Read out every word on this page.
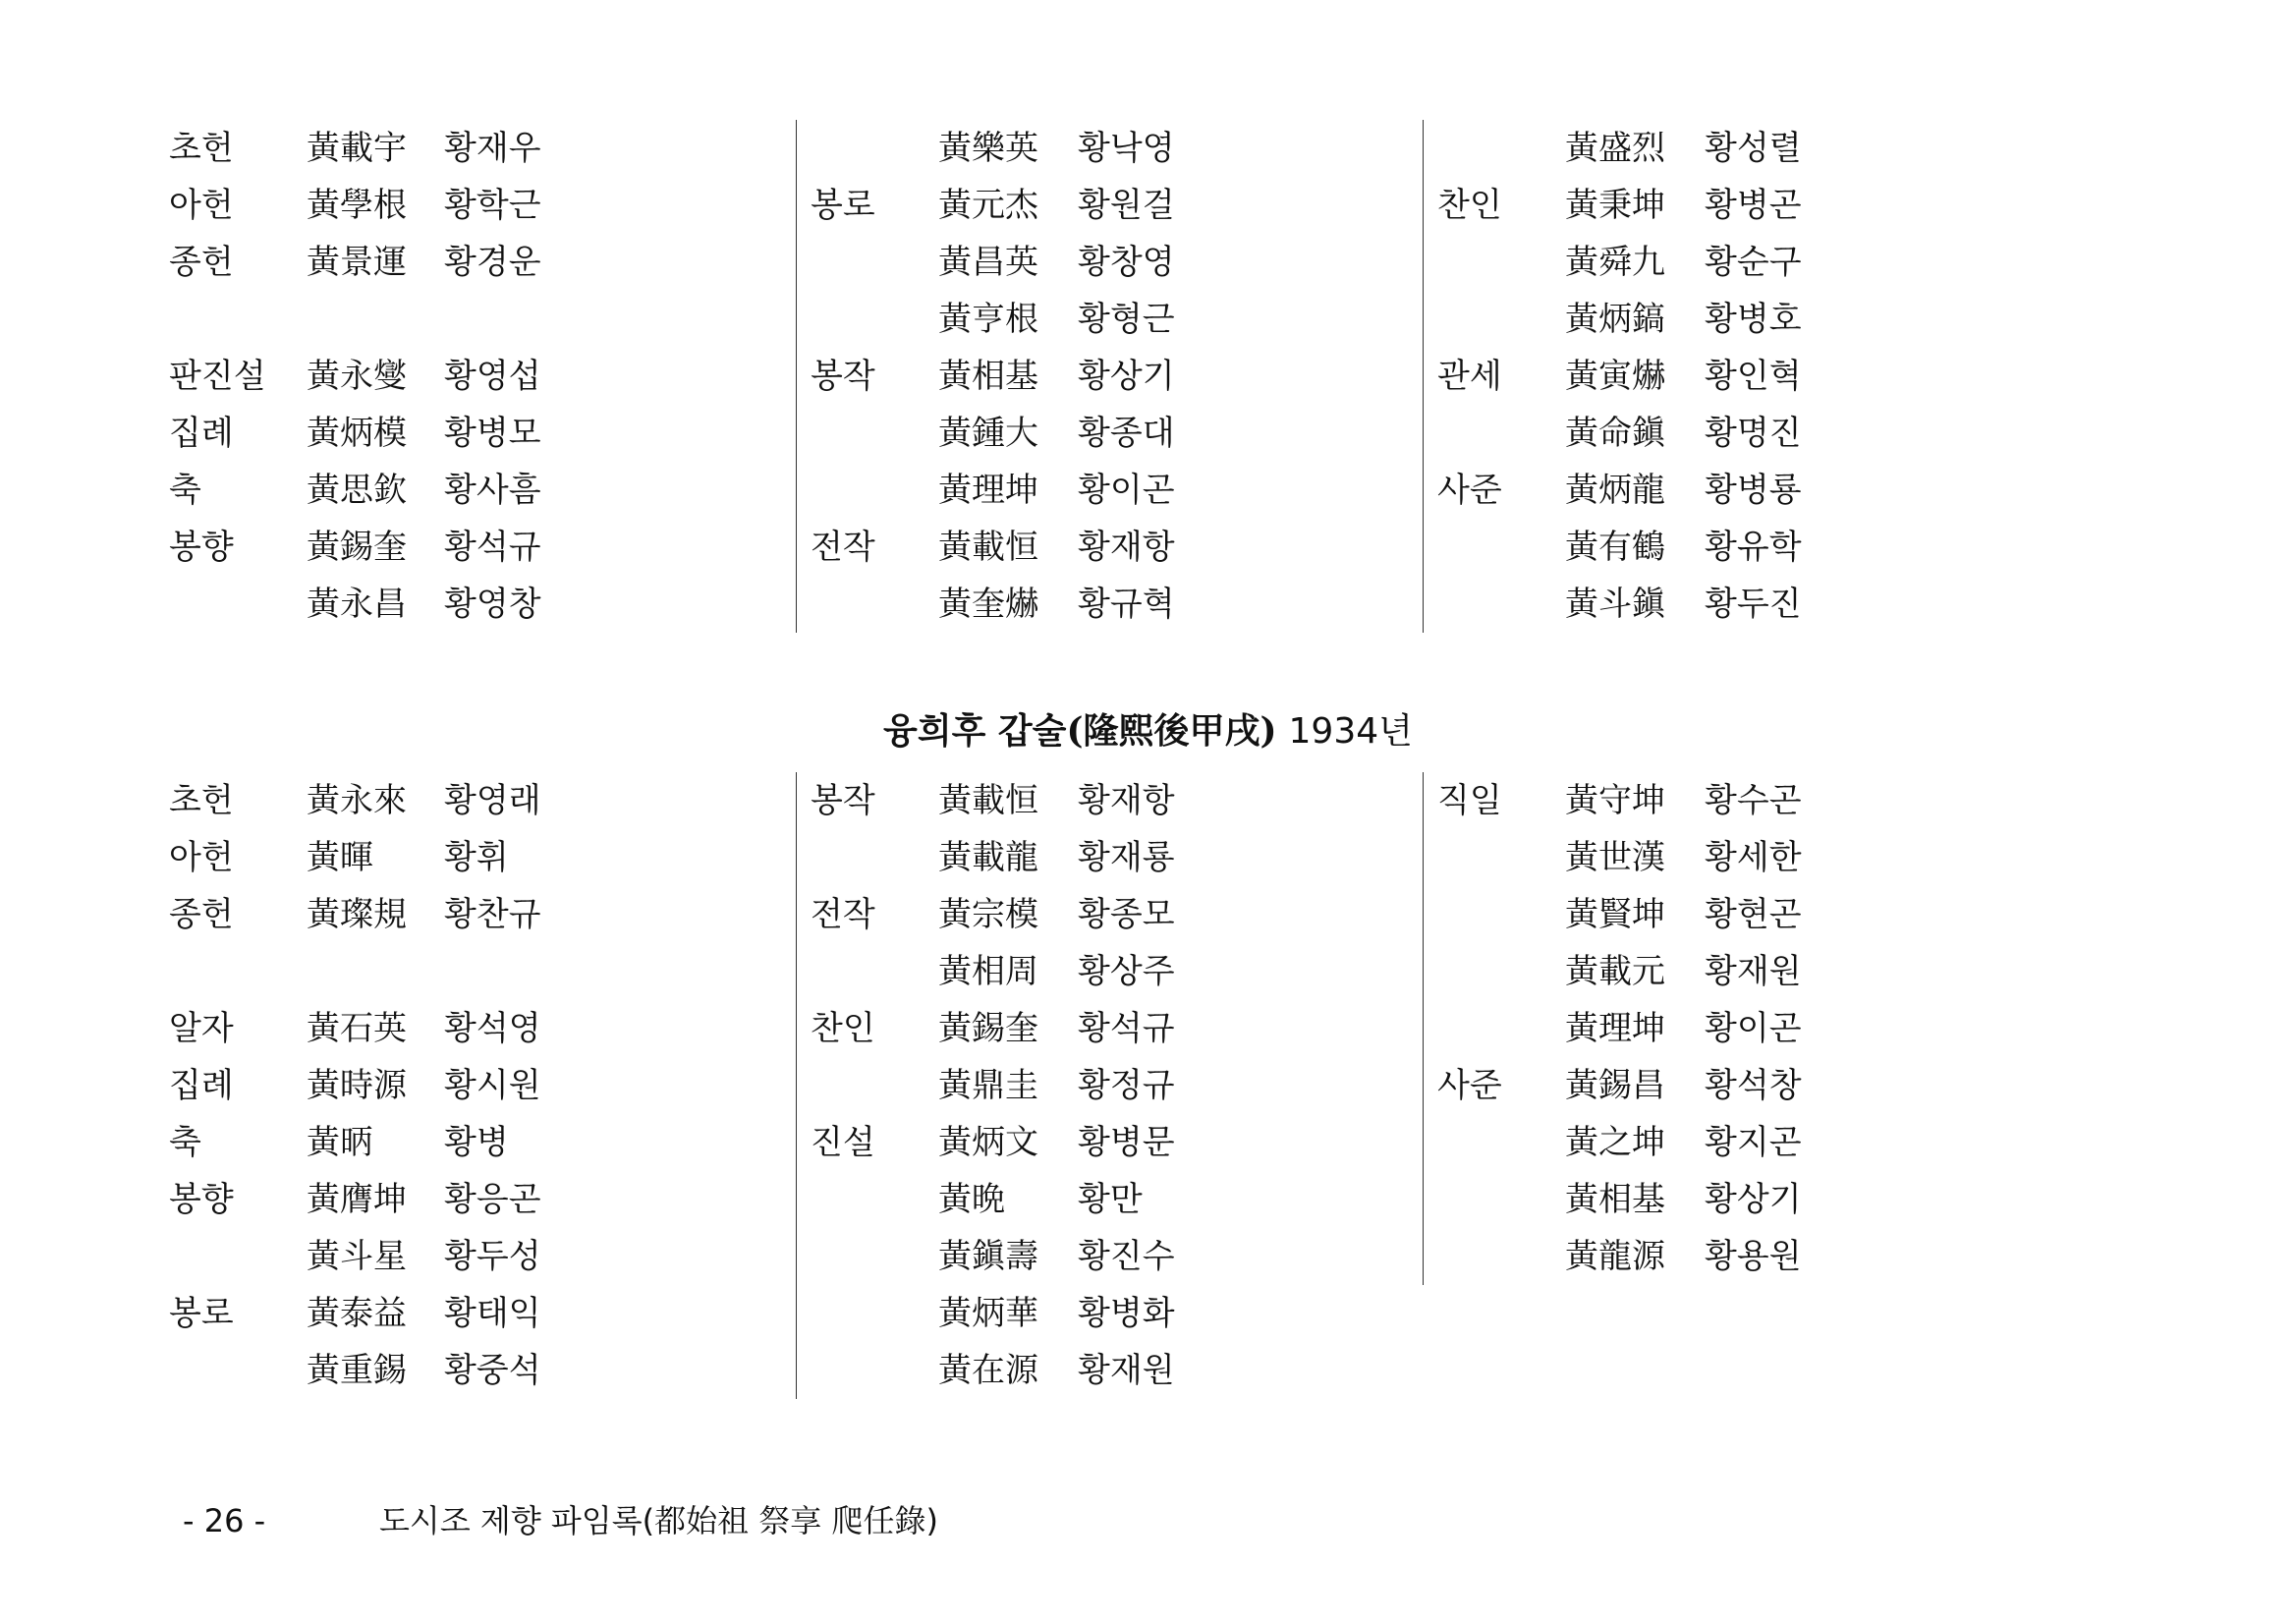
초헌 黃載宇 황재우
아헌 黃學根 황학근
종헌 黃景運 황경운
판진설 黃永燮 황영섭
집례 黃炳模 황병모
축	黃思欽 황사흠
봉향 黃錫奎 황석규
黃永昌 황영창
黃樂英 황낙영
봉로 黃元杰 황원걸
黃昌英 황창영
黃亨根 황형근
봉작 黃相基 황상기
黃鍾大 황종대
黃理坤 황이곤
전작 黃載恒 황재항
黃奎爀 황규혁
黃盛烈 황성렬
찬인 黃秉坤 황병곤
黃舜九 황순구
黃炳鎬 황병호
관세 黃寅爀 황인혁
黃命鎭 황명진
사준 黃炳龍 황병룡
黃有鶴 황유학
黃斗鎭 황두진
융희후 갑술(隆熙後甲戌) 1934년
초헌 黃永來 황영래
아헌 黃暉 황휘
종헌 黃璨規 황찬규
알자 黃石英 황석영
집례 黃時源 황시원
축	黃昞 황병
봉향 黃膺坤 황응곤
黃斗星 황두성
봉로 黃泰益 황태익
黃重錫 황중석
봉작 黃載恒 황재항
黃載龍 황재룡
전작 黃宗模 황종모
黃相周 황상주
찬인 黃錫奎 황석규
黃鼎圭 황정규
진설 黃炳文 황병문
黃晩 황만
黃鎭壽 황진수
黃炳華 황병화
黃在源 황재원
직일 黃守坤 황수곤
黃世漢 황세한
黃賢坤 황현곤
黃載元 황재원
黃理坤 황이곤
사준 黃錫昌 황석창
黃之坤 황지곤
黃相基 황상기
黃龍源 황용원
- 26 -	도시조 제향 파임록(都始祖 祭享 爬任錄)
